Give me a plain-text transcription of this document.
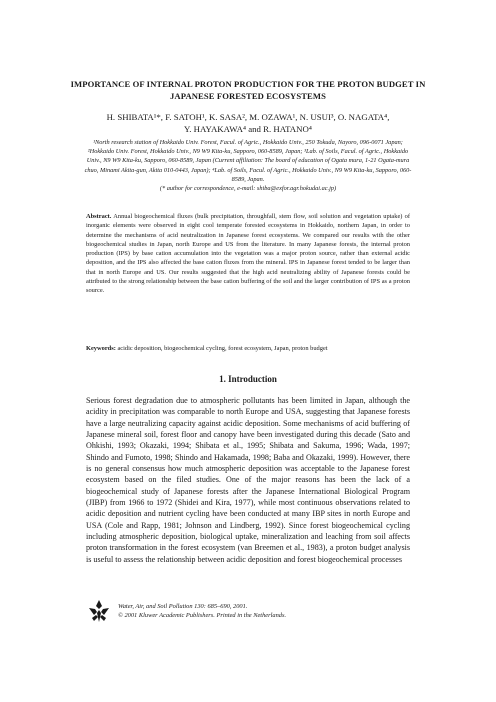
IMPORTANCE OF INTERNAL PROTON PRODUCTION FOR THE PROTON BUDGET IN JAPANESE FORESTED ECOSYSTEMS
H. SHIBATA¹*, F. SATOH¹, K. SASA², M. OZAWA¹, N. USUI³, O. NAGATA⁴,
Y. HAYAKAWA⁴ and R. HATANO⁴
¹North research station of Hokkaido Univ. Forest, Facul. of Agric., Hokkaido Univ., 250 Tokuda, Nayoro, 096-0071 Japan; ²Hokkaido Univ. Forest, Hokkaido Univ., N9 W9 Kita-ku, Sapporo, 060-8589, Japan; ³Lab. of Soils, Facul. of Agric., Hokkaido Univ., N9 W9 Kita-ku, Sapporo, 060-8589, Japan (Current affiliation: The board of education of Ogata mura, 1-21 Ogata-mura chuo, Minami Akita-gun, Akita 010-0443, Japan); ⁴Lab. of Soils, Facul. of Agric., Hokkaido Univ., N9 W9 Kita-ku, Sapporo, 060-8589, Japan.
(* author for correspondence, e-mail: shiba@exfor.agr.hokudai.ac.jp)
Abstract. Annual biogeochemical fluxes (bulk precipitation, throughfall, stem flow, soil solution and vegetation uptake) of inorganic elements were observed in eight cool temperate forested ecosystems in Hokkaido, northern Japan, in order to determine the mechanisms of acid neutralization in Japanese forest ecosystems. We compared our results with the other biogeochemical studies in Japan, north Europe and US from the literature. In many Japanese forests, the internal proton production (IPS) by base cation accumulation into the vegetation was a major proton source, rather than external acidic deposition, and the IPS also affected the base cation fluxes from the mineral. IPS in Japanese forest tended to be larger than that in north Europe and US. Our results suggested that the high acid neutralizing ability of Japanese forests could be attributed to the strong relationship between the base cation buffering of the soil and the larger contribution of IPS as a proton source.
Keywords: acidic deposition, biogeochemical cycling, forest ecosystem, Japan, proton budget
1. Introduction
Serious forest degradation due to atmospheric pollutants has been limited in Japan, although the acidity in precipitation was comparable to north Europe and USA, suggesting that Japanese forests have a large neutralizing capacity against acidic deposition. Some mechanisms of acid buffering of Japanese mineral soil, forest floor and canopy have been investigated during this decade (Sato and Ohkishi, 1993; Okazaki, 1994; Shibata et al., 1995; Shibata and Sakuma, 1996; Wada, 1997; Shindo and Fumoto, 1998; Shindo and Hakamada, 1998; Baba and Okazaki, 1999). However, there is no general consensus how much atmospheric deposition was acceptable to the Japanese forest ecosystem based on the filed studies. One of the major reasons has been the lack of a biogeochemical study of Japanese forests after the Japanese International Biological Program (JIBP) from 1966 to 1972 (Shidei and Kira, 1977), while most continuous observations related to acidic deposition and nutrient cycling have been conducted at many IBP sites in north Europe and USA (Cole and Rapp, 1981; Johnson and Lindberg, 1992). Since forest biogeochemical cycling including atmospheric deposition, biological uptake, mineralization and leaching from soil affects proton transformation in the forest ecosystem (van Breemen et al., 1983), a proton budget analysis is useful to assess the relationship between acidic deposition and forest biogeochemical processes
Water, Air, and Soil Pollution 130: 685–690, 2001.
© 2001 Kluwer Academic Publishers. Printed in the Netherlands.
